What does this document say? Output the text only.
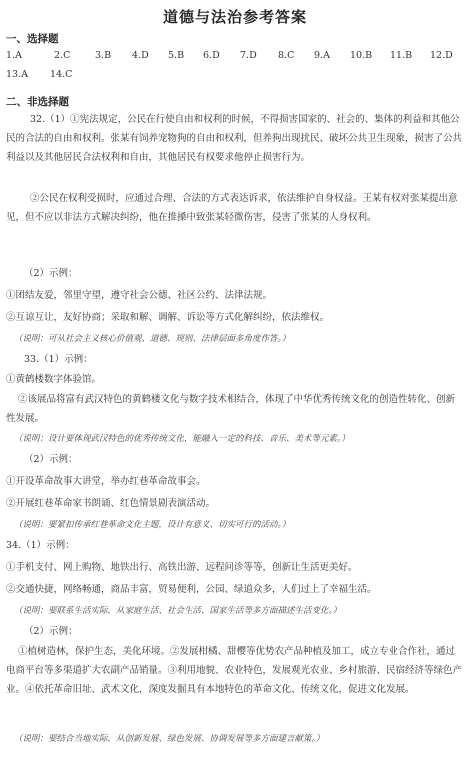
道德与法治参考答案
一、选择题
1.A	2.C	3.B 4.D 5.B 6.D 7.D 8.C 9.A 10.B 11.B 12.D
13.A 14.C
二、非选择题
32.（1）①宪法规定，公民在行使自由和权利的时候，不得损害国家的、社会的、集体的利益和其他公民的合法的自由和权利。张某有饲养宠物狗的自由和权利，但养狗出现扰民、破坏公共卫生现象，损害了公共利益以及其他居民合法权利和自由，其他居民有权要求他停止损害行为。
②公民在权利受损时，应通过合理、合法的方式表达诉求，依法维护自身权益。王某有权对张某提出意见，但不应以非法方式解决纠纷，他在推搡中致张某轻微伤害，侵害了张某的人身权利。
（2）示例：
①团结友爱，邻里守望，遵守社会公德、社区公约、法律法规。
②互谅互让，友好协商；采取和解、调解、诉讼等方式化解纠纷，依法维权。
（说明：可从社会主义核心价值观、道德、规则、法律层面多角度作答。）
33.（1）示例：
①黄鹤楼数字体验馆。
②该展品将富有武汉特色的黄鹤楼文化与数字技术相结合，体现了中华优秀传统文化的创造性转化、创新性发展。
（说明：设计要体现武汉特色的优秀传统文化，能融入一定的科技、音乐、美术等元素。）
（2）示例：
①开设革命故事大讲堂，举办红巷革命故事会。
②开展红巷革命家书朗诵、红色情景剧表演活动。
（说明：要紧扣传承红巷革命文化主题，设计有意义、切实可行的活动。）
34.（1）示例：
①手机支付、网上购物、地铁出行、高铁出游、远程问诊等等，创新让生活更美好。
②交通快捷，网络畅通，商品丰富，贸易便利，公园、绿道众多，人们过上了幸福生活。
（说明：要联系生活实际，从家庭生活、社会生活、国家生活等多方面描述生活变化。）
（2）示例：
①植树造林，保护生态，美化环境。②发展柑橘、甜樱等优势农产品种植及加工，成立专业合作社，通过电商平台等多渠道扩大农副产品销量。③利用地貌、农业特色，发展观光农业、乡村旅游、民宿经济等绿色产业。④依托革命旧址、武术文化，深度发掘具有本地特色的革命文化、传统文化，促进文化发展。
（说明：要结合当地实际，从创新发展、绿色发展、协调发展等多方面建言献策。）
